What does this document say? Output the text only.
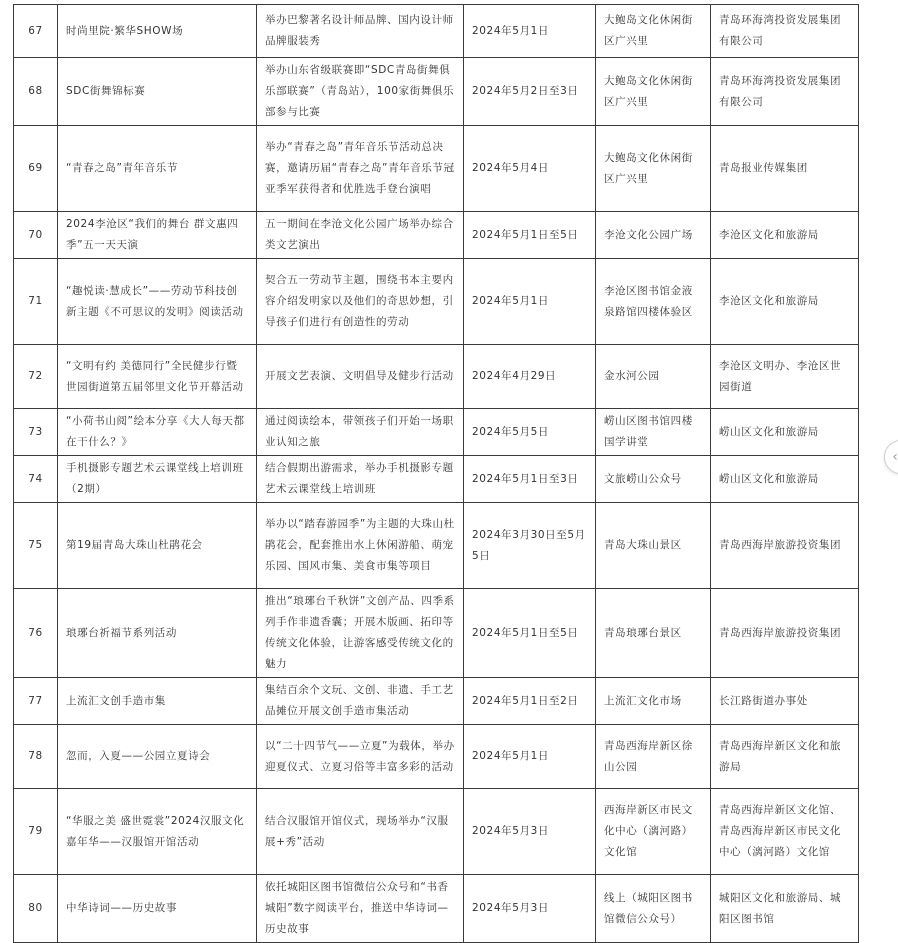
67	时尚里院·繁华SHOW场	举办巴黎著名设计师品牌、国内设计师品牌服装秀	2024年5月1日	大鲍岛文化休闲街区广兴里	青岛环海湾投资发展集团有限公司
68	SDC街舞锦标赛	举办山东省级联赛即“SDC青岛街舞俱乐部联赛”（青岛站），100家街舞俱乐部参与比赛	2024年5月2日至3日	大鲍岛文化休闲街区广兴里	青岛环海湾投资发展集团有限公司
69	“青春之岛”青年音乐节	举办“青春之岛”青年音乐节活动总决赛，邀请历届“青春之岛”青年音乐节冠亚季军获得者和优胜选手登台演唱	2024年5月4日	大鲍岛文化休闲街区广兴里	青岛报业传媒集团
70	2024李沧区“我们的舞台 群文惠四季”五一天天演	五一期间在李沧文化公园广场举办综合类文艺演出	2024年5月1日至5日	李沧文化公园广场	李沧区文化和旅游局
71	“趣悦读·慧成长”——劳动节科技创新主题《不可思议的发明》阅读活动	契合五一劳动节主题，围绕书本主要内容介绍发明家以及他们的奇思妙想，引导孩子们进行有创造性的劳动	2024年5月1日	李沧区图书馆金液泉路馆四楼体验区	李沧区文化和旅游局
72	“文明有约 美德同行”全民健步行暨世园街道第五届邻里文化节开幕活动	开展文艺表演、文明倡导及健步行活动	2024年4月29日	金水河公园	李沧区文明办、李沧区世园街道
73	“小荷书山阅”绘本分享《大人每天都在干什么？》	通过阅读绘本，带领孩子们开始一场职业认知之旅	2024年5月5日	崂山区图书馆四楼国学讲堂	崂山区文化和旅游局
74	手机摄影专题艺术云课堂线上培训班（2期）	结合假期出游需求，举办手机摄影专题艺术云课堂线上培训班	2024年5月1日至3日	文旅崂山公众号	崂山区文化和旅游局
75	第19届青岛大珠山杜鹃花会	举办以“踏春游园季”为主题的大珠山杜鹃花会，配套推出水上休闲游船、萌宠乐园、国风市集、美食市集等项目	2024年3月30日至5月5日	青岛大珠山景区	青岛西海岸旅游投资集团
76	琅琊台祈福节系列活动	推出“琅琊台千秋饼”文创产品、四季系列手作非遗香囊；开展木版画、拓印等传统文化体验，让游客感受传统文化的魅力	2024年5月1日至5日	青岛琅琊台景区	青岛西海岸旅游投资集团
77	上流汇文创手造市集	集结百余个文玩、文创、非遗、手工艺品摊位开展文创手造市集活动	2024年5月1日至2日	上流汇文化市场	长江路街道办事处
78	忽而，入夏——公园立夏诗会	以“二十四节气——立夏”为载体，举办迎夏仪式、立夏习俗等丰富多彩的活动	2024年5月1日	青岛西海岸新区徐山公园	青岛西海岸新区文化和旅游局
79	“华服之美 盛世霓裳”2024汉服文化嘉年华——汉服馆开馆活动	结合汉服馆开馆仪式，现场举办“汉服展+秀”活动	2024年5月3日	西海岸新区市民文化中心（漓河路）文化馆	青岛西海岸新区文化馆、青岛西海岸新区市民文化中心（漓河路）文化馆
80	中华诗词——历史故事	依托城阳区图书馆微信公众号和“书香城阳”数字阅读平台，推送中华诗词—历史故事	2024年5月3日	线上（城阳区图书馆微信公众号）	城阳区文化和旅游局、城阳区图书馆
‹
